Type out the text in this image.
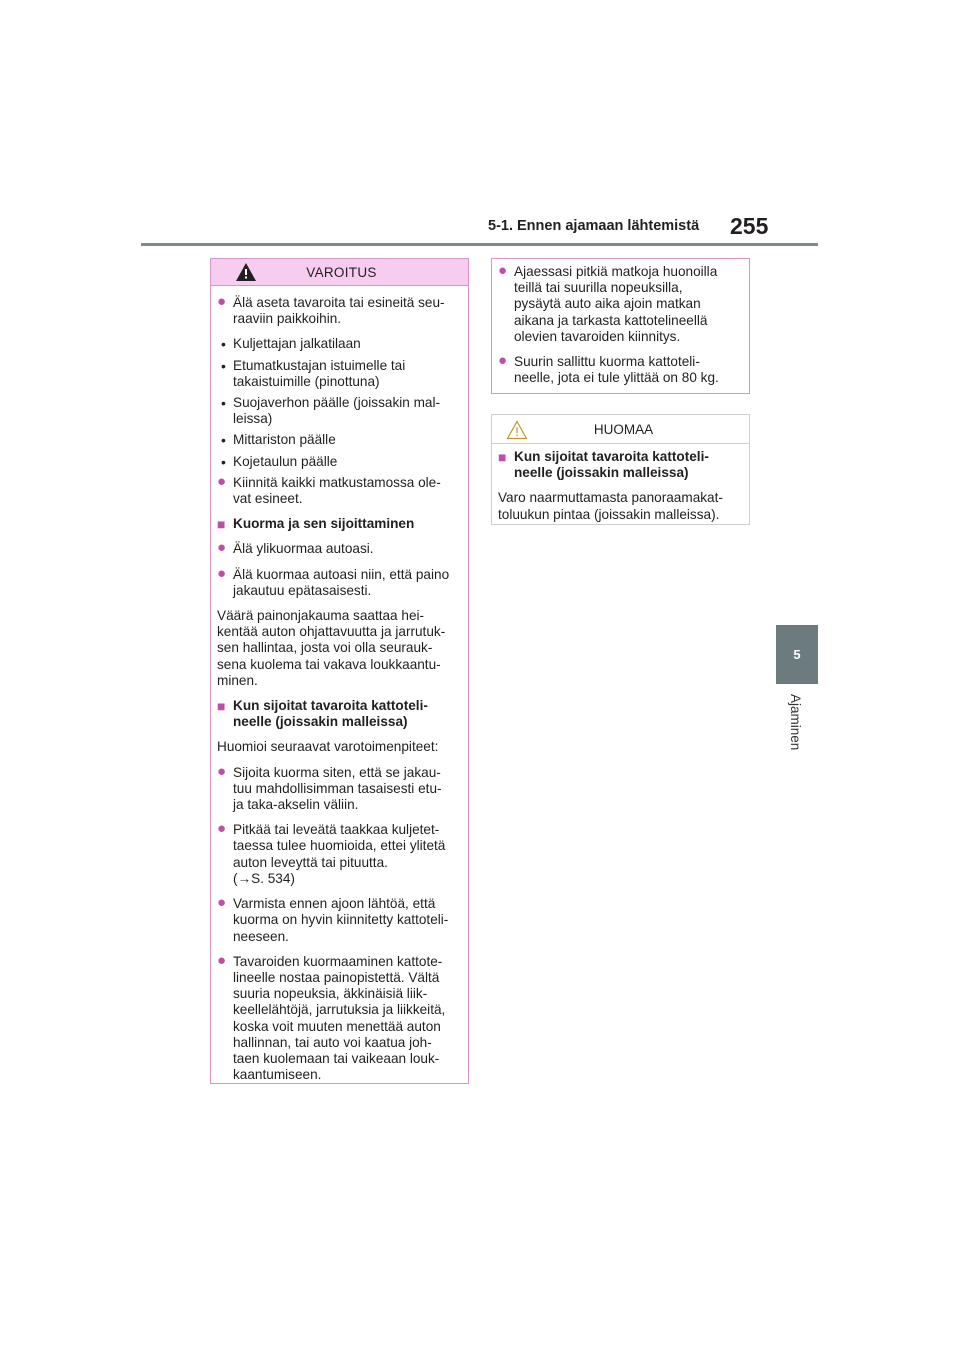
5-1. Ennen ajamaan lähtemistä 255
5
Ajaminen
VAROITUS
● Älä aseta tavaroita tai esineitä seu-
raaviin paikkoihin.
• Kuljettajan jalkatilaan
• Etumatkustajan istuimelle tai
takaistuimille (pinottuna)
• Suojaverhon päälle (joissakin mal-
leissa)
• Mittariston päälle
• Kojetaulun päälle
● Kiinnitä kaikki matkustamossa ole-
vat esineet.
■ Kuorma ja sen sijoittaminen
● Älä ylikuormaa autoasi.
● Älä kuormaa autoasi niin, että paino
jakautuu epätasaisesti.
Väärä painonjakauma saattaa hei-
kentää auton ohjattavuutta ja jarrutuk-
sen hallintaa, josta voi olla seurauk-
sena kuolema tai vakava loukkaantu-
minen.
■ Kun sijoitat tavaroita kattoteli-
neelle (joissakin malleissa)
Huomioi seuraavat varotoimenpiteet:
● Sijoita kuorma siten, että se jakau-
tuu mahdollisimman tasaisesti etu-
ja taka-akselin väliin.
● Pitkää tai leveätä taakkaa kuljetet-
taessa tulee huomioida, ettei ylitetä
auton leveyttä tai pituutta.
(→S. 534)
● Varmista ennen ajoon lähtöä, että
kuorma on hyvin kiinnitetty kattoteli-
neeseen.
● Tavaroiden kuormaaminen kattote-
lineelle nostaa painopistettä. Vältä
suuria nopeuksia, äkkinäisiä liik-
keellelähtöjä, jarrutuksia ja liikkeitä,
koska voit muuten menettää auton
hallinnan, tai auto voi kaatua joh-
taen kuolemaan tai vaikeaan louk-
kaantumiseen.
● Ajaessasi pitkiä matkoja huonoilla
teillä tai suurilla nopeuksilla,
pysäytä auto aika ajoin matkan
aikana ja tarkasta kattotelineellä
olevien tavaroiden kiinnitys.
● Suurin sallittu kuorma kattoteli-
neelle, jota ei tule ylittää on 80 kg.
HUOMAA
■ Kun sijoitat tavaroita kattoteli-
neelle (joissakin malleissa)
Varo naarmuttamasta panoraamakat-
toluukun pintaa (joissakin malleissa).
